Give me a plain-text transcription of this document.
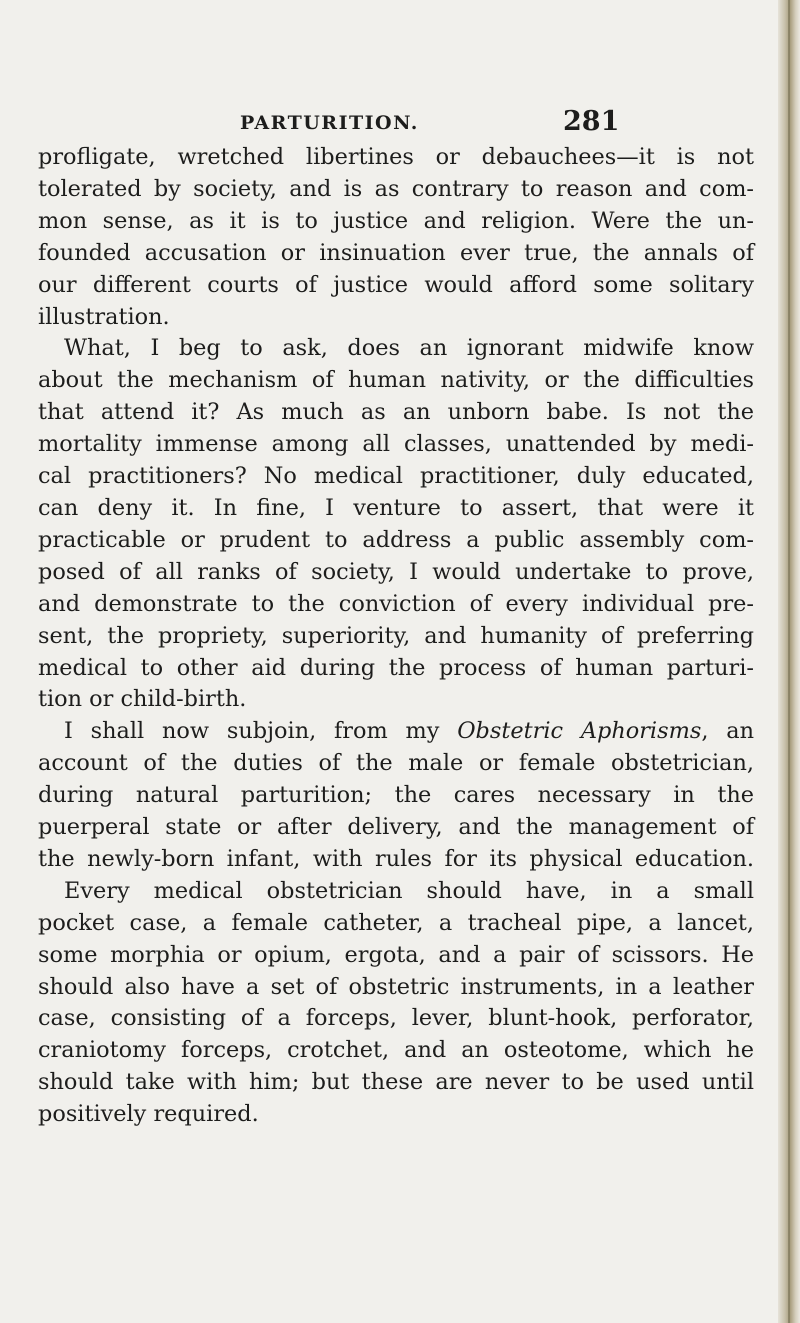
PARTURITION.	281
profligate, wretched libertines or debauchees—it is not
tolerated by society, and is as contrary to reason and com-
mon sense, as it is to justice and religion. Were the un-
founded accusation or insinuation ever true, the annals of
our different courts of justice would afford some solitary
illustration.
What, I beg to ask, does an ignorant midwife know
about the mechanism of human nativity, or the difficulties
that attend it? As much as an unborn babe. Is not the
mortality immense among all classes, unattended by medi-
cal practitioners? No medical practitioner, duly educated,
can deny it. In fine, I venture to assert, that were it
practicable or prudent to address a public assembly com-
posed of all ranks of society, I would undertake to prove,
and demonstrate to the conviction of every individual pre-
sent, the propriety, superiority, and humanity of preferring
medical to other aid during the process of human parturi-
tion or child-birth.
I shall now subjoin, from my Obstetric Aphorisms, an
account of the duties of the male or female obstetrician,
during natural parturition; the cares necessary in the
puerperal state or after delivery, and the management of
the newly-born infant, with rules for its physical education.
Every medical obstetrician should have, in a small
pocket case, a female catheter, a tracheal pipe, a lancet,
some morphia or opium, ergota, and a pair of scissors. He
should also have a set of obstetric instruments, in a leather
case, consisting of a forceps, lever, blunt-hook, perforator,
craniotomy forceps, crotchet, and an osteotome, which he
should take with him; but these are never to be used until
positively required.
